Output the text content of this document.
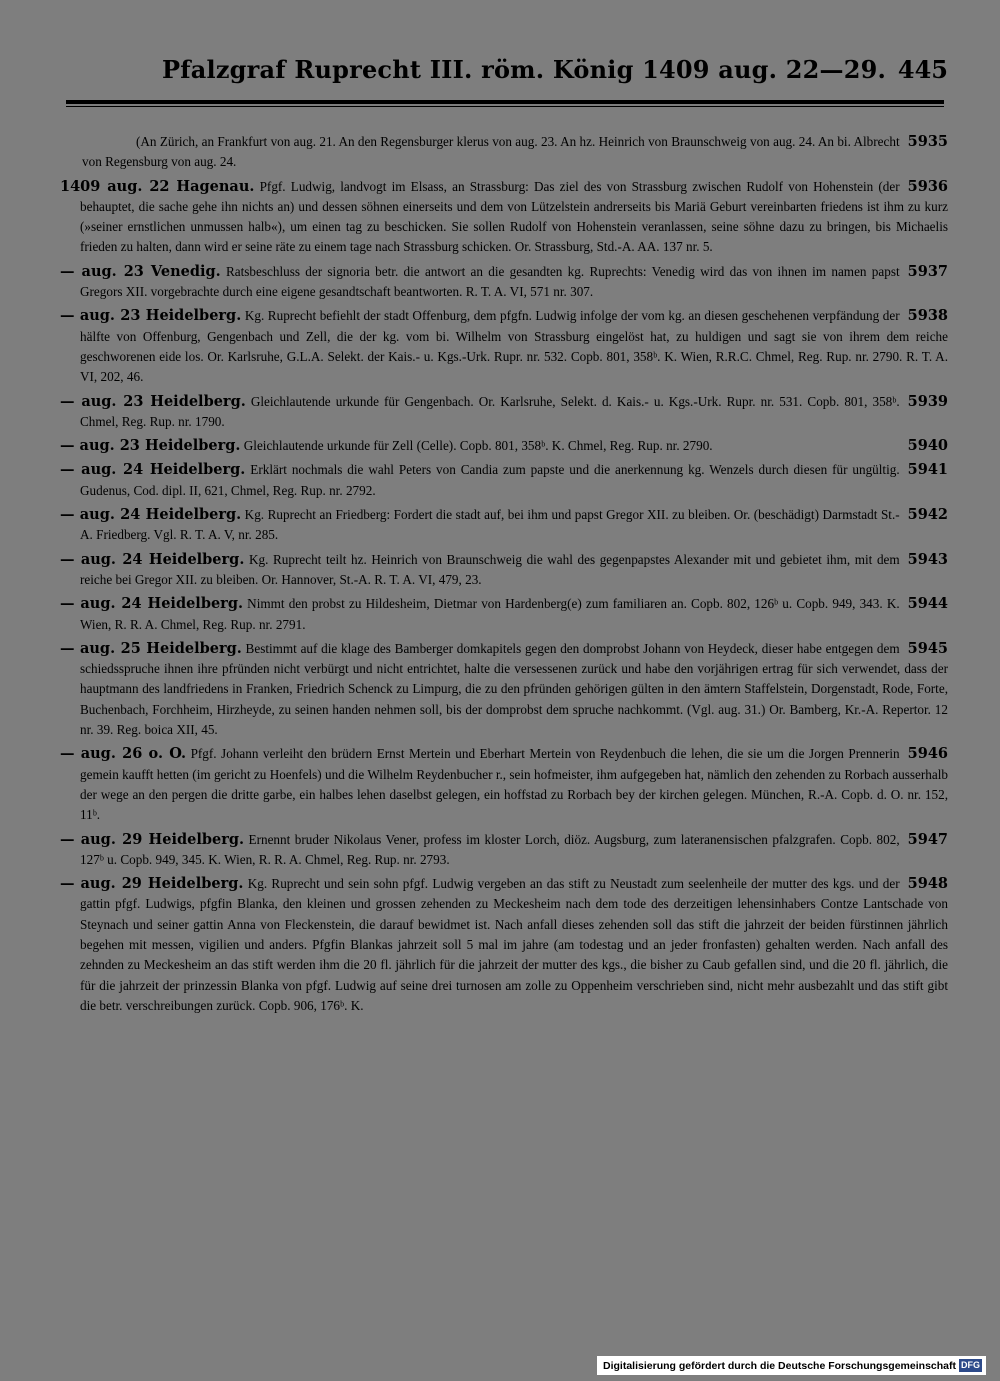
Pfalzgraf Ruprecht III. röm. König 1409 aug. 22—29. 445
5935
(An Zürich, an Frankfurt von aug. 21. An den Regensburger klerus von aug. 23. An hz. Heinrich von Braunschweig von aug. 24. An bi. Albrecht von Regensburg von aug. 24.
5936
1409 aug. 22 Hagenau. Pfgf. Ludwig, landvogt im Elsass, an Strassburg: Das ziel des von Strassburg zwischen Rudolf von Hohenstein (der behauptet, die sache gehe ihn nichts an) und dessen söhnen einerseits und dem von Lützelstein andrerseits bis Mariä Geburt vereinbarten friedens ist ihm zu kurz (»seiner ernstlichen unmussen halb«), um einen tag zu beschicken. Sie sollen Rudolf von Hohenstein veranlassen, seine söhne dazu zu bringen, bis Michaelis frieden zu halten, dann wird er seine räte zu einem tage nach Strassburg schicken. Or. Strassburg, Std.-A. AA. 137 nr. 5.
5937
— aug. 23 Venedig. Ratsbeschluss der signoria betr. die antwort an die gesandten kg. Ruprechts: Venedig wird das von ihnen im namen papst Gregors XII. vorgebrachte durch eine eigene gesandtschaft beantworten. R. T. A. VI, 571 nr. 307.
5938
— aug. 23 Heidelberg. Kg. Ruprecht befiehlt der stadt Offenburg, dem pfgfn. Ludwig infolge der vom kg. an diesen geschehenen verpfändung der hälfte von Offenburg, Gengenbach und Zell, die der kg. vom bi. Wilhelm von Strassburg eingelöst hat, zu huldigen und sagt sie von ihrem dem reiche geschworenen eide los. Or. Karlsruhe, G.L.A. Selekt. der Kais.- u. Kgs.-Urk. Rupr. nr. 532. Copb. 801, 358ᵇ. K. Wien, R.R.C. Chmel, Reg. Rup. nr. 2790. R. T. A. VI, 202, 46.
5939
— aug. 23 Heidelberg. Gleichlautende urkunde für Gengenbach. Or. Karlsruhe, Selekt. d. Kais.- u. Kgs.-Urk. Rupr. nr. 531. Copb. 801, 358ᵇ. Chmel, Reg. Rup. nr. 1790.
5940
— aug. 23 Heidelberg. Gleichlautende urkunde für Zell (Celle). Copb. 801, 358ᵇ. K. Chmel, Reg. Rup. nr. 2790.
5941
— aug. 24 Heidelberg. Erklärt nochmals die wahl Peters von Candia zum papste und die anerkennung kg. Wenzels durch diesen für ungültig. Gudenus, Cod. dipl. II, 621, Chmel, Reg. Rup. nr. 2792.
5942
— aug. 24 Heidelberg. Kg. Ruprecht an Friedberg: Fordert die stadt auf, bei ihm und papst Gregor XII. zu bleiben. Or. (beschädigt) Darmstadt St.-A. Friedberg. Vgl. R. T. A. V, nr. 285.
5943
— aug. 24 Heidelberg. Kg. Ruprecht teilt hz. Heinrich von Braunschweig die wahl des gegenpapstes Alexander mit und gebietet ihm, mit dem reiche bei Gregor XII. zu bleiben. Or. Hannover, St.-A. R. T. A. VI, 479, 23.
5944
— aug. 24 Heidelberg. Nimmt den probst zu Hildesheim, Dietmar von Hardenberg(e) zum familiaren an. Copb. 802, 126ᵇ u. Copb. 949, 343. K. Wien, R. R. A. Chmel, Reg. Rup. nr. 2791.
5945
— aug. 25 Heidelberg. Bestimmt auf die klage des Bamberger domkapitels gegen den domprobst Johann von Heydeck, dieser habe entgegen dem schiedsspruche ihnen ihre pfründen nicht verbürgt und nicht entrichtet, halte die versessenen zurück und habe den vorjährigen ertrag für sich verwendet, dass der hauptmann des landfriedens in Franken, Friedrich Schenck zu Limpurg, die zu den pfründen gehörigen gülten in den ämtern Staffelstein, Dorgenstadt, Rode, Forte, Buchenbach, Forchheim, Hirzheyde, zu seinen handen nehmen soll, bis der domprobst dem spruche nachkommt. (Vgl. aug. 31.) Or. Bamberg, Kr.-A. Repertor. 12 nr. 39. Reg. boica XII, 45.
5946
— aug. 26 o. O. Pfgf. Johann verleiht den brüdern Ernst Mertein und Eberhart Mertein von Reydenbuch die lehen, die sie um die Jorgen Prennerin gemein kaufft hetten (im gericht zu Hoenfels) und die Wilhelm Reydenbucher r., sein hofmeister, ihm aufgegeben hat, nämlich den zehenden zu Rorbach ausserhalb der wege an den pergen die dritte garbe, ein halbes lehen daselbst gelegen, ein hoffstad zu Rorbach bey der kirchen gelegen. München, R.-A. Copb. d. O. nr. 152, 11ᵇ.
5947
— aug. 29 Heidelberg. Ernennt bruder Nikolaus Vener, profess im kloster Lorch, diöz. Augsburg, zum lateranensischen pfalzgrafen. Copb. 802, 127ᵇ u. Copb. 949, 345. K. Wien, R. R. A. Chmel, Reg. Rup. nr. 2793.
5948
— aug. 29 Heidelberg. Kg. Ruprecht und sein sohn pfgf. Ludwig vergeben an das stift zu Neustadt zum seelenheile der mutter des kgs. und der gattin pfgf. Ludwigs, pfgfin Blanka, den kleinen und grossen zehenden zu Meckesheim nach dem tode des derzeitigen lehensinhabers Contze Lantschade von Steynach und seiner gattin Anna von Fleckenstein, die darauf bewidmet ist. Nach anfall dieses zehenden soll das stift die jahrzeit der beiden fürstinnen jährlich begehen mit messen, vigilien und anders. Pfgfin Blankas jahrzeit soll 5 mal im jahre (am todestag und an jeder fronfasten) gehalten werden. Nach anfall des zehnden zu Meckesheim an das stift werden ihm die 20 fl. jährlich für die jahrzeit der mutter des kgs., die bisher zu Caub gefallen sind, und die 20 fl. jährlich, die für die jahrzeit der prinzessin Blanka von pfgf. Ludwig auf seine drei turnosen am zolle zu Oppenheim verschrieben sind, nicht mehr ausbezahlt und das stift gibt die betr. verschreibungen zurück. Copb. 906, 176ᵇ. K.
Digitalisierung gefördert durch die Deutsche Forschungsgemeinschaft DFG
